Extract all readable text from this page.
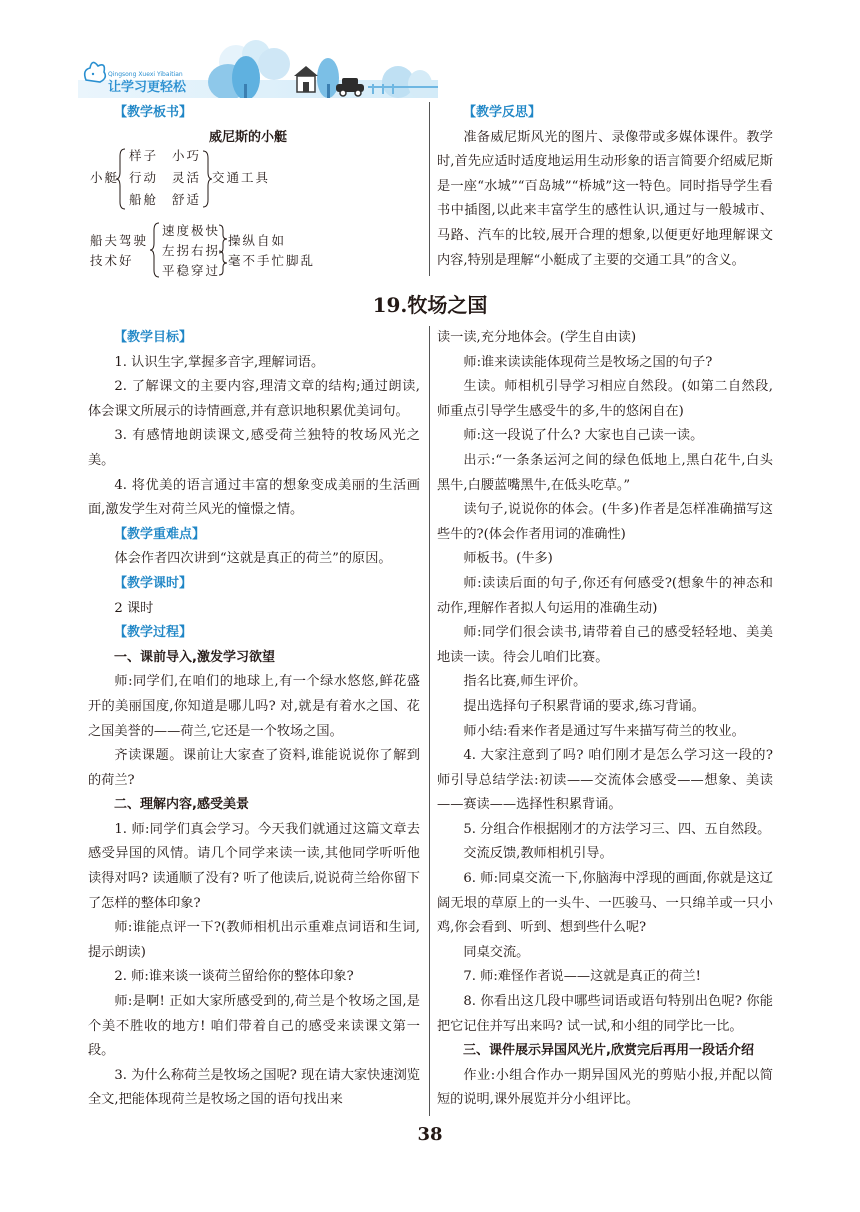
Qingsong Xuexi Yibaitian
让学习更轻松

【教学板书】

威尼斯的小艇
小艇
样子 小巧
行动 灵活
船舱 舒适
交通工具
船夫驾驶
技术好
速度极快
左拐右拐
平稳穿过
操纵自如
毫不手忙脚乱

【教学反思】

准备威尼斯风光的图片、录像带或多媒体课件。教学时,首先应适时适度地运用生动形象的语言简要介绍威尼斯是一座“水城”“百岛城”“桥城”这一特色。同时指导学生看书中插图,以此来丰富学生的感性认识,通过与一般城市、马路、汽车的比较,展开合理的想象,以便更好地理解课文内容,特别是理解“小艇成了主要的交通工具”的含义。

19.牧场之国

【教学目标】

1. 认识生字,掌握多音字,理解词语。

2. 了解课文的主要内容,理清文章的结构;通过朗读,体会课文所展示的诗情画意,并有意识地积累优美词句。

3. 有感情地朗读课文,感受荷兰独特的牧场风光之美。

4. 将优美的语言通过丰富的想象变成美丽的生活画面,激发学生对荷兰风光的憧憬之情。

【教学重难点】

体会作者四次讲到“这就是真正的荷兰”的原因。

【教学课时】

2 课时

【教学过程】

一、课前导入,激发学习欲望

师:同学们,在咱们的地球上,有一个绿水悠悠,鲜花盛开的美丽国度,你知道是哪儿吗? 对,就是有着水之国、花之国美誉的——荷兰,它还是一个牧场之国。

齐读课题。课前让大家查了资料,谁能说说你了解到的荷兰?

二、理解内容,感受美景

1. 师:同学们真会学习。今天我们就通过这篇文章去感受异国的风情。请几个同学来读一读,其他同学听听他读得对吗? 读通顺了没有? 听了他读后,说说荷兰给你留下了怎样的整体印象?

师:谁能点评一下?(教师相机出示重难点词语和生词,提示朗读)

2. 师:谁来谈一谈荷兰留给你的整体印象?

师:是啊! 正如大家所感受到的,荷兰是个牧场之国,是个美不胜收的地方! 咱们带着自己的感受来读课文第一段。

3. 为什么称荷兰是牧场之国呢? 现在请大家快速浏览全文,把能体现荷兰是牧场之国的语句找出来

读一读,充分地体会。(学生自由读)

师:谁来读读能体现荷兰是牧场之国的句子?

生读。师相机引导学习相应自然段。(如第二自然段,师重点引导学生感受牛的多,牛的悠闲自在)

师:这一段说了什么? 大家也自己读一读。

出示:“一条条运河之间的绿色低地上,黑白花牛,白头黑牛,白腰蓝嘴黑牛,在低头吃草。”

读句子,说说你的体会。(牛多)作者是怎样准确描写这些牛的?(体会作者用词的准确性)

师板书。(牛多)

师:读读后面的句子,你还有何感受?(想象牛的神态和动作,理解作者拟人句运用的准确生动)

师:同学们很会读书,请带着自己的感受轻轻地、美美地读一读。待会儿咱们比赛。

指名比赛,师生评价。

提出选择句子积累背诵的要求,练习背诵。

师小结:看来作者是通过写牛来描写荷兰的牧业。

4. 大家注意到了吗? 咱们刚才是怎么学习这一段的? 师引导总结学法:初读——交流体会感受——想象、美读——赛读——选择性积累背诵。

5. 分组合作根据刚才的方法学习三、四、五自然段。

交流反馈,教师相机引导。

6. 师:同桌交流一下,你脑海中浮现的画面,你就是这辽阔无垠的草原上的一头牛、一匹骏马、一只绵羊或一只小鸡,你会看到、听到、想到些什么呢?

同桌交流。

7. 师:难怪作者说——这就是真正的荷兰!

8. 你看出这几段中哪些词语或语句特别出色呢? 你能把它记住并写出来吗? 试一试,和小组的同学比一比。

三、课件展示异国风光片,欣赏完后再用一段话介绍

作业:小组合作办一期异国风光的剪贴小报,并配以简短的说明,课外展览并分小组评比。

38
